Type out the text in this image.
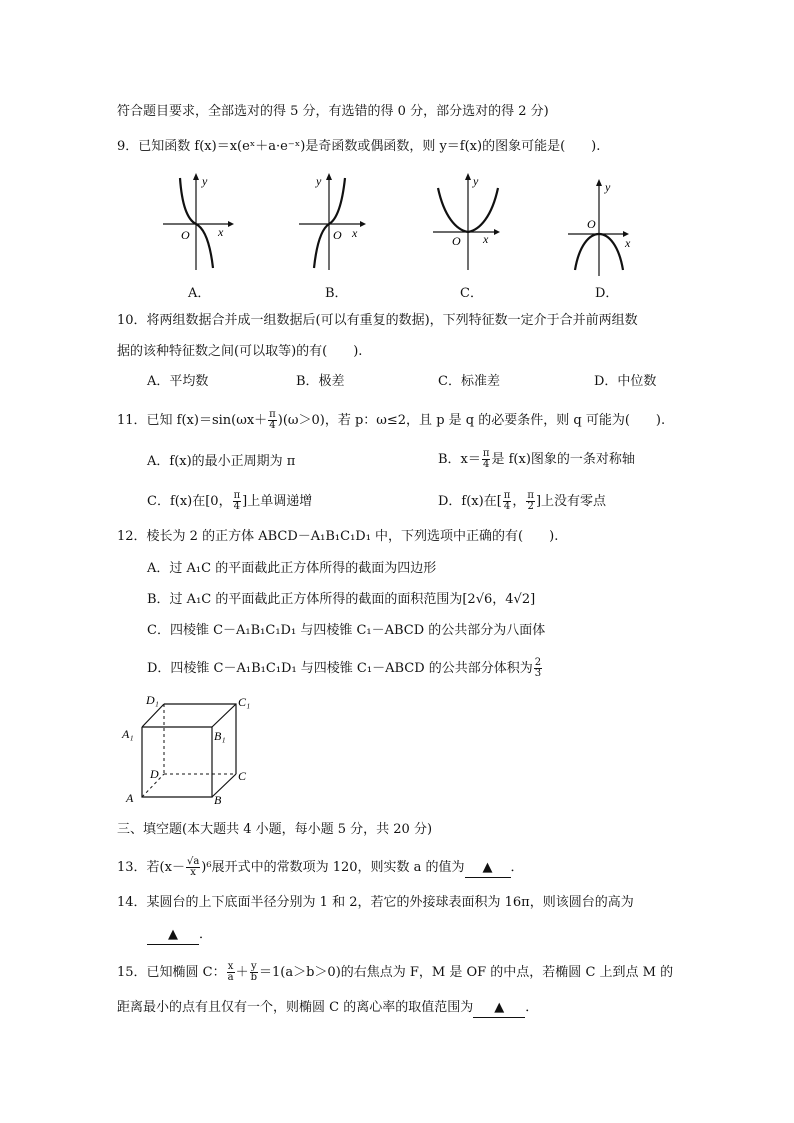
符合题目要求，全部选对的得 5 分，有选错的得 0 分，部分选对的得 2 分)
9．已知函数 f(x)＝x(eˣ＋a·e⁻ˣ)是奇函数或偶函数，则 y＝f(x)的图象可能是(　　).
y
x
O
y
x
O
y
x
O
y
x
O
A．	B．	C．	D．
10．将两组数据合并成一组数据后(可以有重复的数据)，下列特征数一定介于合并前两组数
据的该种特征数之间(可以取等)的有(　　).
A．平均数	B．极差	C．标准差	D．中位数
11．已知 $f(x)=\sin(\omega x+ \frac{\pi}{4} )(\omega>0)$，若 p：ω≤2，且 p 是 q 的必要条件，则 q 可能为(　　).
A．f(x)的最小正周期为 π	B．$x= \frac{\pi}{4}$ 是 f(x)图象的一条对称轴
C．f(x)在[0， $\frac{\pi}{4}$ ]上单调递增	D．f(x)在[ $\frac{\pi}{4}$ ， $\frac{\pi}{2}$ ]上没有零点
12．棱长为 2 的正方体 ABCD－A₁B₁C₁D₁ 中，下列选项中正确的有(　　).
A．过 A₁C 的平面截此正方体所得的截面为四边形
B．过 A₁C 的平面截此正方体所得的截面的面积范围为[2√6，4√2]
C．四棱锥 C－A₁B₁C₁D₁ 与四棱锥 C₁－ABCD 的公共部分为八面体
D．四棱锥 C－A₁B₁C₁D₁ 与四棱锥 C₁－ABCD 的公共部分体积为 $\frac{2}{3}$
D₁	C₁
A₁	B₁
D	C
A	B
三、填空题(本大题共 4 小题，每小题 5 分，共 20 分)
13．若$(x- \frac{√a}{x} )^6$展开式中的常数项为 120，则实数 a 的值为 ▲ ．
14．某圆台的上下底面半径分别为 1 和 2，若它的外接球表面积为 16π，则该圆台的高为
▲ ．
15．已知椭圆 C： $\frac{x}{a} + \frac{y}{b} =1(a>b>0)$的右焦点为 F，M 是 OF 的中点，若椭圆 C 上到点 M 的
距离最小的点有且仅有一个，则椭圆 C 的离心率的取值范围为 ▲ ．
